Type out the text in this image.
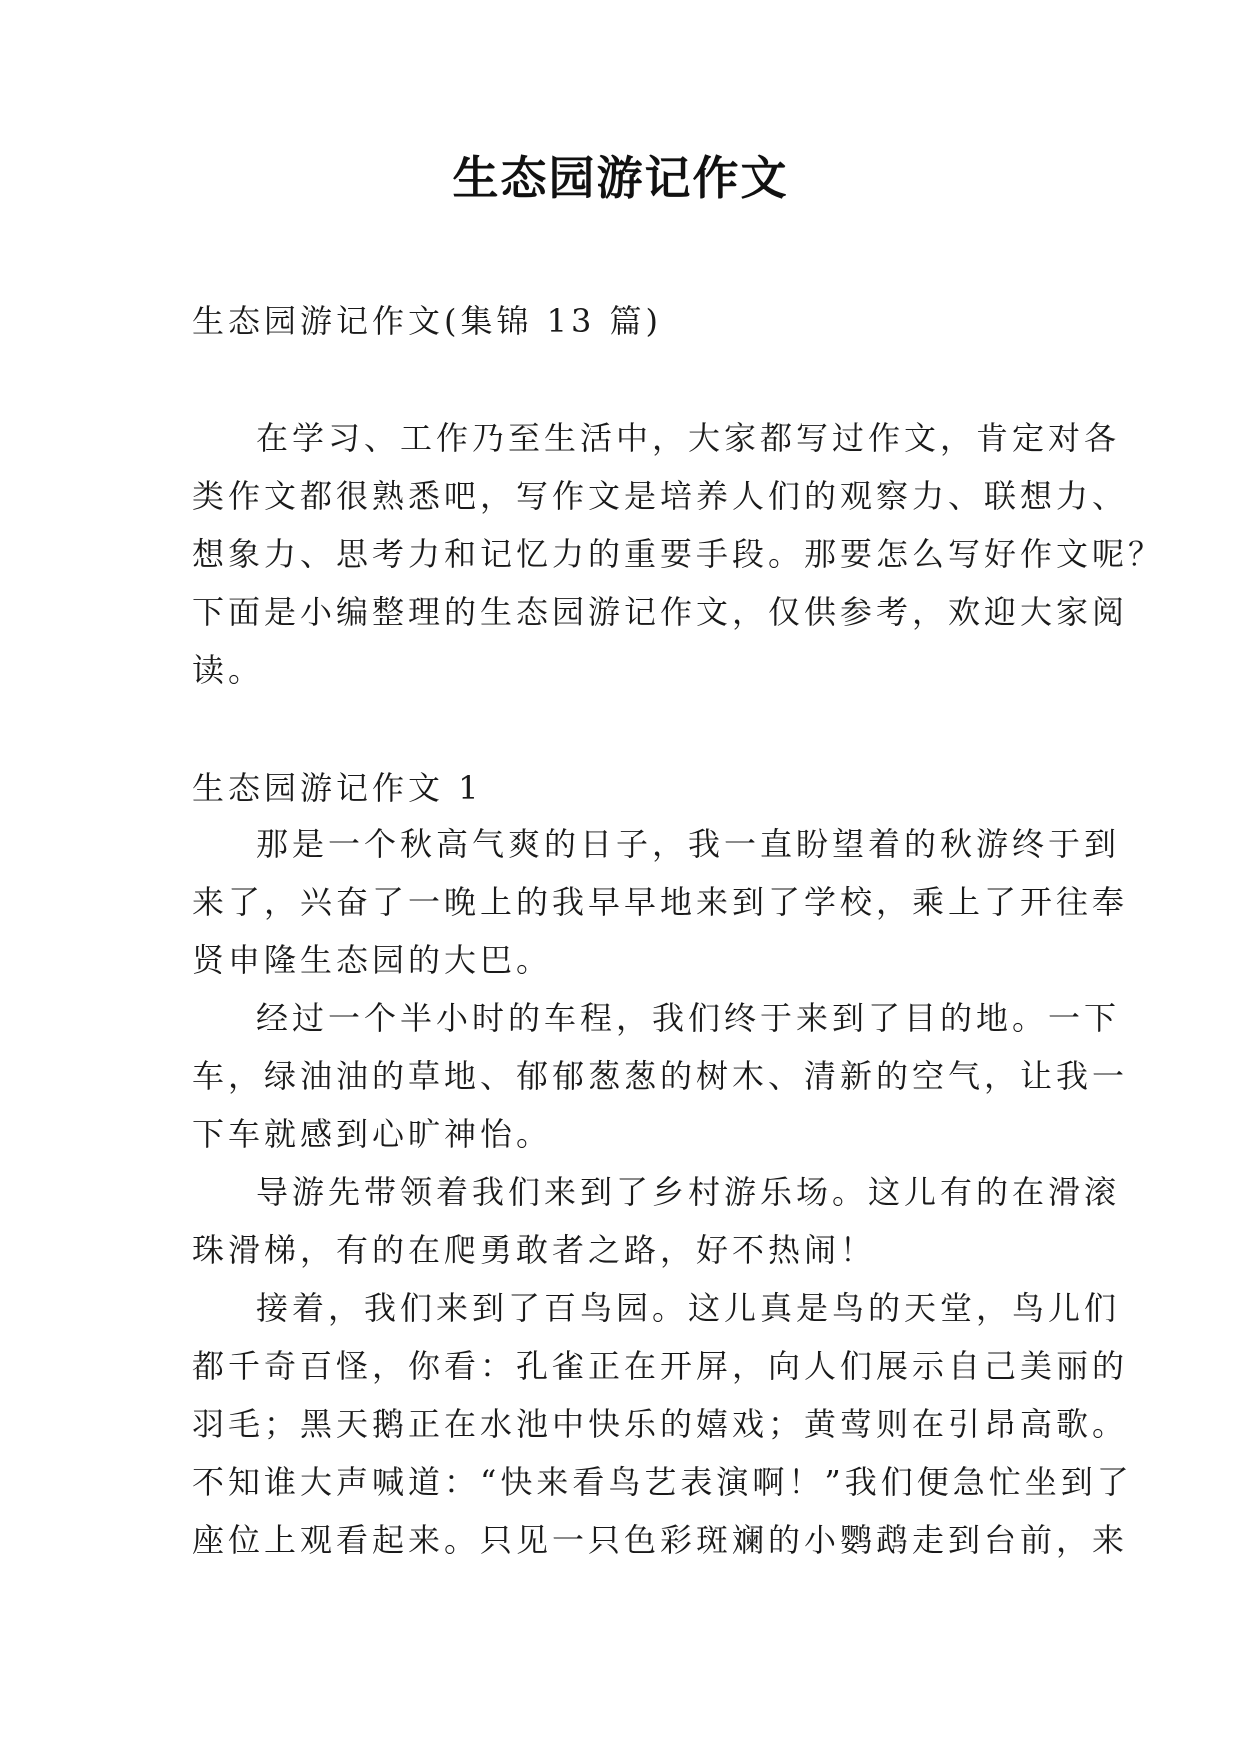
生态园游记作文
生态园游记作文(集锦 13 篇)
在学习、工作乃至生活中，大家都写过作文，肯定对各
类作文都很熟悉吧，写作文是培养人们的观察力、联想力、
想象力、思考力和记忆力的重要手段。那要怎么写好作文呢？
下面是小编整理的生态园游记作文，仅供参考，欢迎大家阅
读。
生态园游记作文 1
那是一个秋高气爽的日子，我一直盼望着的秋游终于到
来了，兴奋了一晚上的我早早地来到了学校，乘上了开往奉
贤申隆生态园的大巴。
经过一个半小时的车程，我们终于来到了目的地。一下
车，绿油油的草地、郁郁葱葱的树木、清新的空气，让我一
下车就感到心旷神怡。
导游先带领着我们来到了乡村游乐场。这儿有的在滑滚
珠滑梯，有的在爬勇敢者之路，好不热闹！
接着，我们来到了百鸟园。这儿真是鸟的天堂，鸟儿们
都千奇百怪，你看：孔雀正在开屏，向人们展示自己美丽的
羽毛；黑天鹅正在水池中快乐的嬉戏；黄莺则在引昂高歌。
不知谁大声喊道：“快来看鸟艺表演啊！”我们便急忙坐到了
座位上观看起来。只见一只色彩斑斓的小鹦鹉走到台前，来
